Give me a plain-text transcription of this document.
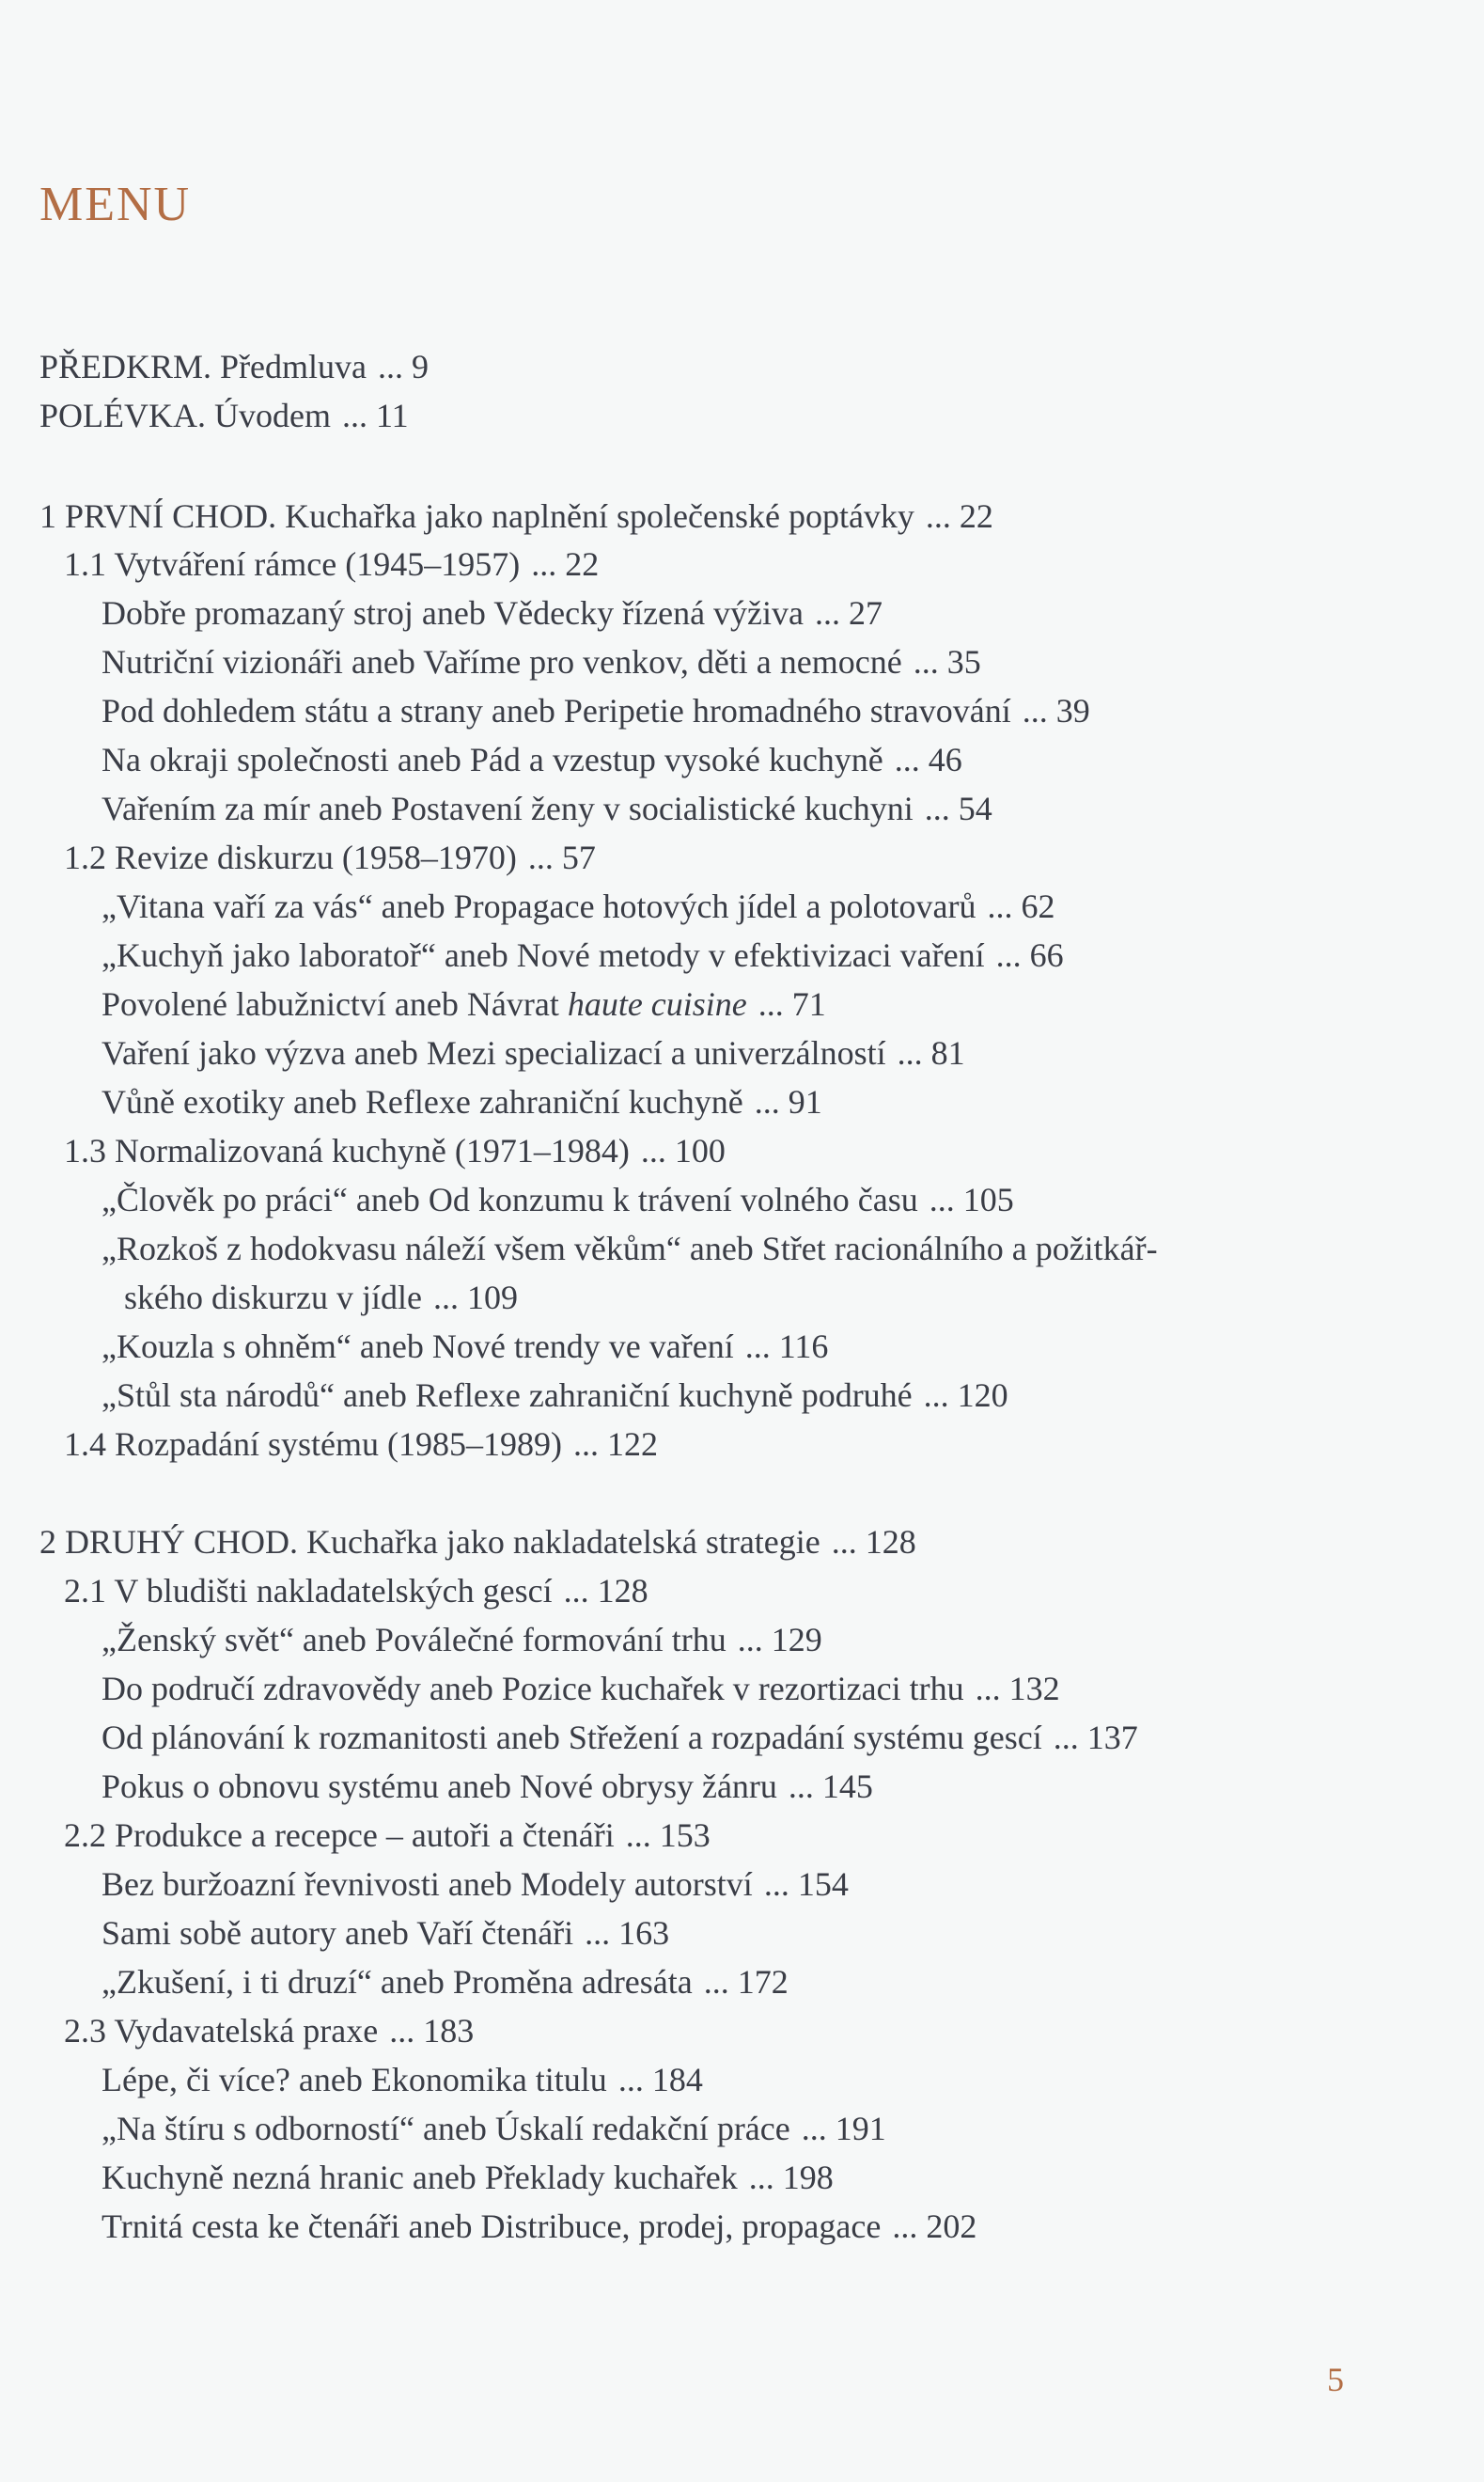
MENU
PŘEDKRM. Předmluva ... 9
POLÉVKA. Úvodem ... 11
1 PRVNÍ CHOD. Kuchařka jako naplnění společenské poptávky ... 22
1.1 Vytváření rámce (1945–1957) ... 22
Dobře promazaný stroj aneb Vědecky řízená výživa ... 27
Nutriční vizionáři aneb Vaříme pro venkov, děti a nemocné ... 35
Pod dohledem státu a strany aneb Peripetie hromadného stravování ... 39
Na okraji společnosti aneb Pád a vzestup vysoké kuchyně ... 46
Vařením za mír aneb Postavení ženy v socialistické kuchyni ... 54
1.2 Revize diskurzu (1958–1970) ... 57
„Vitana vaří za vás“ aneb Propagace hotových jídel a polotovarů ... 62
„Kuchyň jako laboratoř“ aneb Nové metody v efektivizaci vaření ... 66
Povolené labužnictví aneb Návrat haute cuisine ... 71
Vaření jako výzva aneb Mezi specializací a univerzálností ... 81
Vůně exotiky aneb Reflexe zahraniční kuchyně ... 91
1.3 Normalizovaná kuchyně (1971–1984) ... 100
„Člověk po práci“ aneb Od konzumu k trávení volného času ... 105
„Rozkoš z hodokvasu náleží všem věkům“ aneb Střet racionálního a požitkář-
ského diskurzu v jídle ... 109
„Kouzla s ohněm“ aneb Nové trendy ve vaření ... 116
„Stůl sta národů“ aneb Reflexe zahraniční kuchyně podruhé ... 120
1.4 Rozpadání systému (1985–1989) ... 122
2 DRUHÝ CHOD. Kuchařka jako nakladatelská strategie ... 128
2.1 V bludišti nakladatelských gescí ... 128
„Ženský svět“ aneb Poválečné formování trhu ... 129
Do područí zdravovědy aneb Pozice kuchařek v rezortizaci trhu ... 132
Od plánování k rozmanitosti aneb Střežení a rozpadání systému gescí ... 137
Pokus o obnovu systému aneb Nové obrysy žánru ... 145
2.2 Produkce a recepce – autoři a čtenáři ... 153
Bez buržoazní řevnivosti aneb Modely autorství ... 154
Sami sobě autory aneb Vaří čtenáři ... 163
„Zkušení, i ti druzí“ aneb Proměna adresáta ... 172
2.3 Vydavatelská praxe ... 183
Lépe, či více? aneb Ekonomika titulu ... 184
„Na štíru s odborností“ aneb Úskalí redakční práce ... 191
Kuchyně nezná hranic aneb Překlady kuchařek ... 198
Trnitá cesta ke čtenáři aneb Distribuce, prodej, propagace ... 202
5
